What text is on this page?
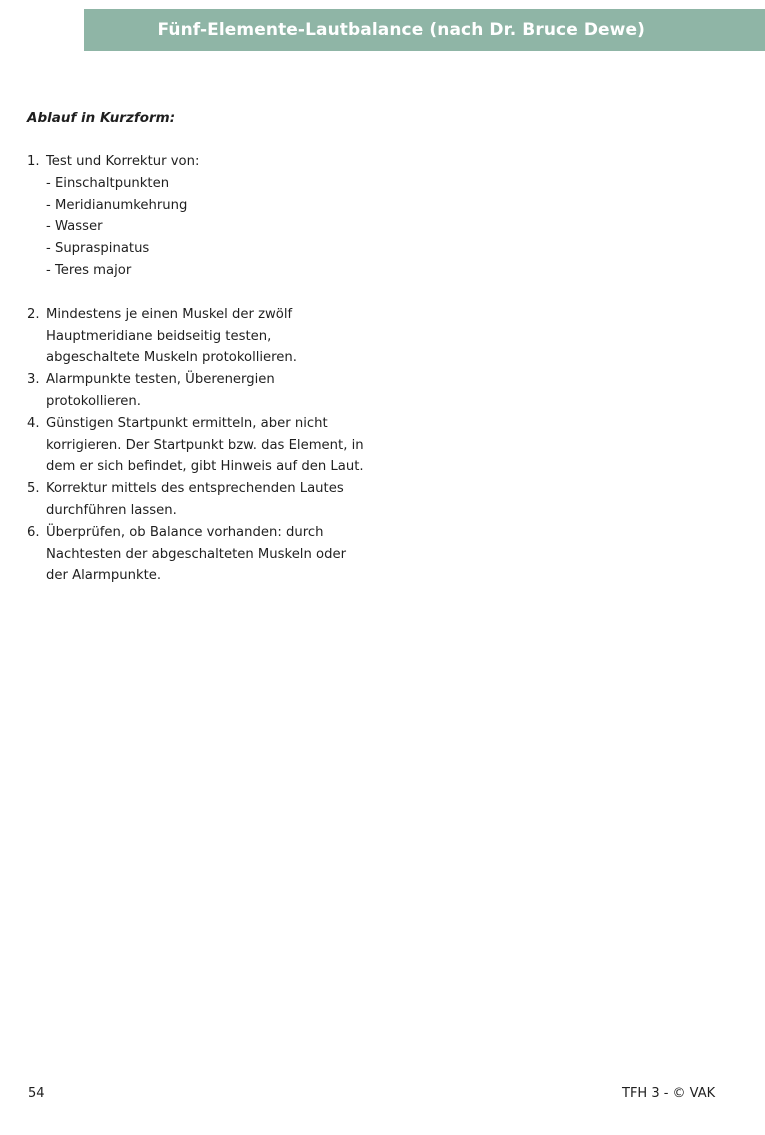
Fünf-Elemente-Lautbalance (nach Dr. Bruce Dewe)
Ablauf in Kurzform:
1. Test und Korrektur von:
- Einschaltpunkten
- Meridianumkehrung
- Wasser
- Supraspinatus
- Teres major
2. Mindestens je einen Muskel der zwölf Hauptmeridiane beidseitig testen, abgeschaltete Muskeln protokollieren.
3. Alarmpunkte testen, Überenergien protokollieren.
4. Günstigen Startpunkt ermitteln, aber nicht korrigieren. Der Startpunkt bzw. das Element, in dem er sich befindet, gibt Hinweis auf den Laut.
5. Korrektur mittels des entsprechenden Lautes durchführen lassen.
6. Überprüfen, ob Balance vorhanden: durch Nachtesten der abgeschalteten Muskeln oder der Alarmpunkte.
54	TFH 3 - © VAK
